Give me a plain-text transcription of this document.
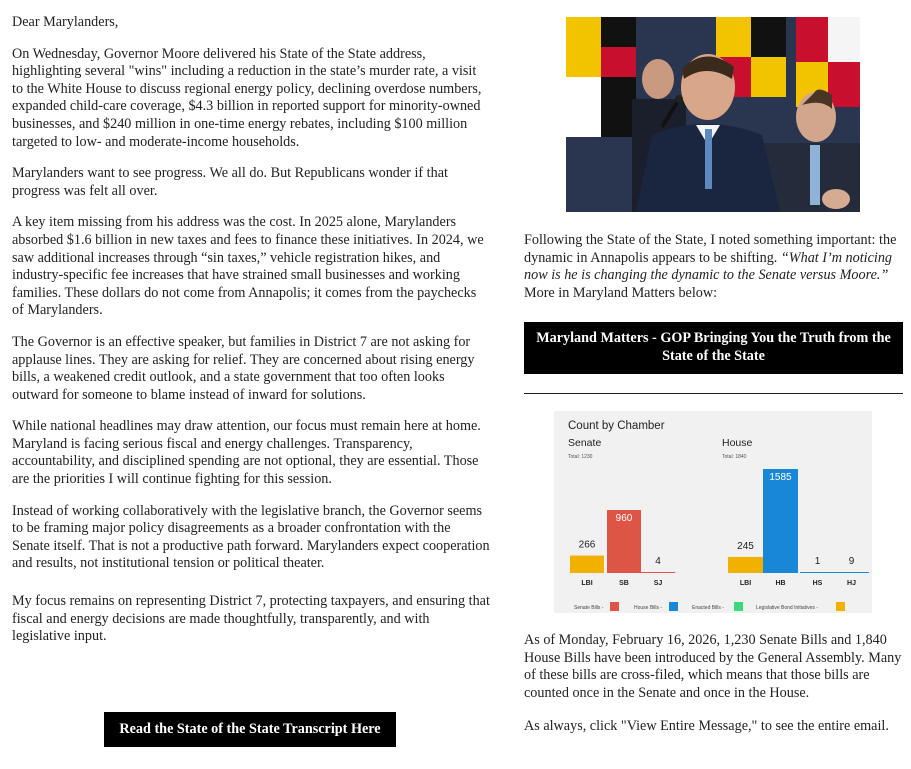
Dear Marylanders,

On Wednesday, Governor Moore delivered his State of the State address, highlighting several "wins" including a reduction in the state’s murder rate, a visit to the White House to discuss regional energy policy, declining overdose numbers, expanded child-care coverage, $4.3 billion in reported support for minority-owned businesses, and $240 million in one-time energy rebates, including $100 million targeted to low- and moderate-income households.

Marylanders want to see progress. We all do. But Republicans wonder if that progress was felt all over.

A key item missing from his address was the cost. In 2025 alone, Marylanders absorbed $1.6 billion in new taxes and fees to finance these initiatives. In 2024, we saw additional increases through “sin taxes,” vehicle registration hikes, and industry-specific fee increases that have strained small businesses and working families. These dollars do not come from Annapolis; it comes from the paychecks of Marylanders.

The Governor is an effective speaker, but families in District 7 are not asking for applause lines. They are asking for relief. They are concerned about rising energy bills, a weakened credit outlook, and a state government that too often looks outward for someone to blame instead of inward for solutions.

While national headlines may draw attention, our focus must remain here at home. Maryland is facing serious fiscal and energy challenges. Transparency, accountability, and disciplined spending are not optional, they are essential. Those are the priorities I will continue fighting for this session.

Instead of working collaboratively with the legislative branch, the Governor seems to be framing major policy disagreements as a broader confrontation with the Senate itself. That is not a productive path forward. Marylanders expect cooperation and results, not institutional tension or political theater.

My focus remains on representing District 7, protecting taxpayers, and ensuring that fiscal and energy decisions are made thoughtfully, transparently, and with legislative input.

Read the State of the State Transcript Here

Following the State of the State, I noted something important: the dynamic in Annapolis appears to be shifting. “What I’m noticing now is he is changing the dynamic to the Senate versus Moore.” More in Maryland Matters below:

Maryland Matters - GOP Bringing You the Truth from the State of the State
Count by Chamber
Senate
Total: 1230
266
LBI
960
SB
4
SJ
House
Total: 1840
245
LBI
1585
HB
1
HS
9
HJ
Senate Bills -	House Bills -	Enacted Bills -	Legislative Bond Initiatives -

As of Monday, February 16, 2026, 1,230 Senate Bills and 1,840 House Bills have been introduced by the General Assembly. Many of these bills are cross-filed, which means that those bills are counted once in the Senate and once in the House.

As always, click "View Entire Message," to see the entire email.
